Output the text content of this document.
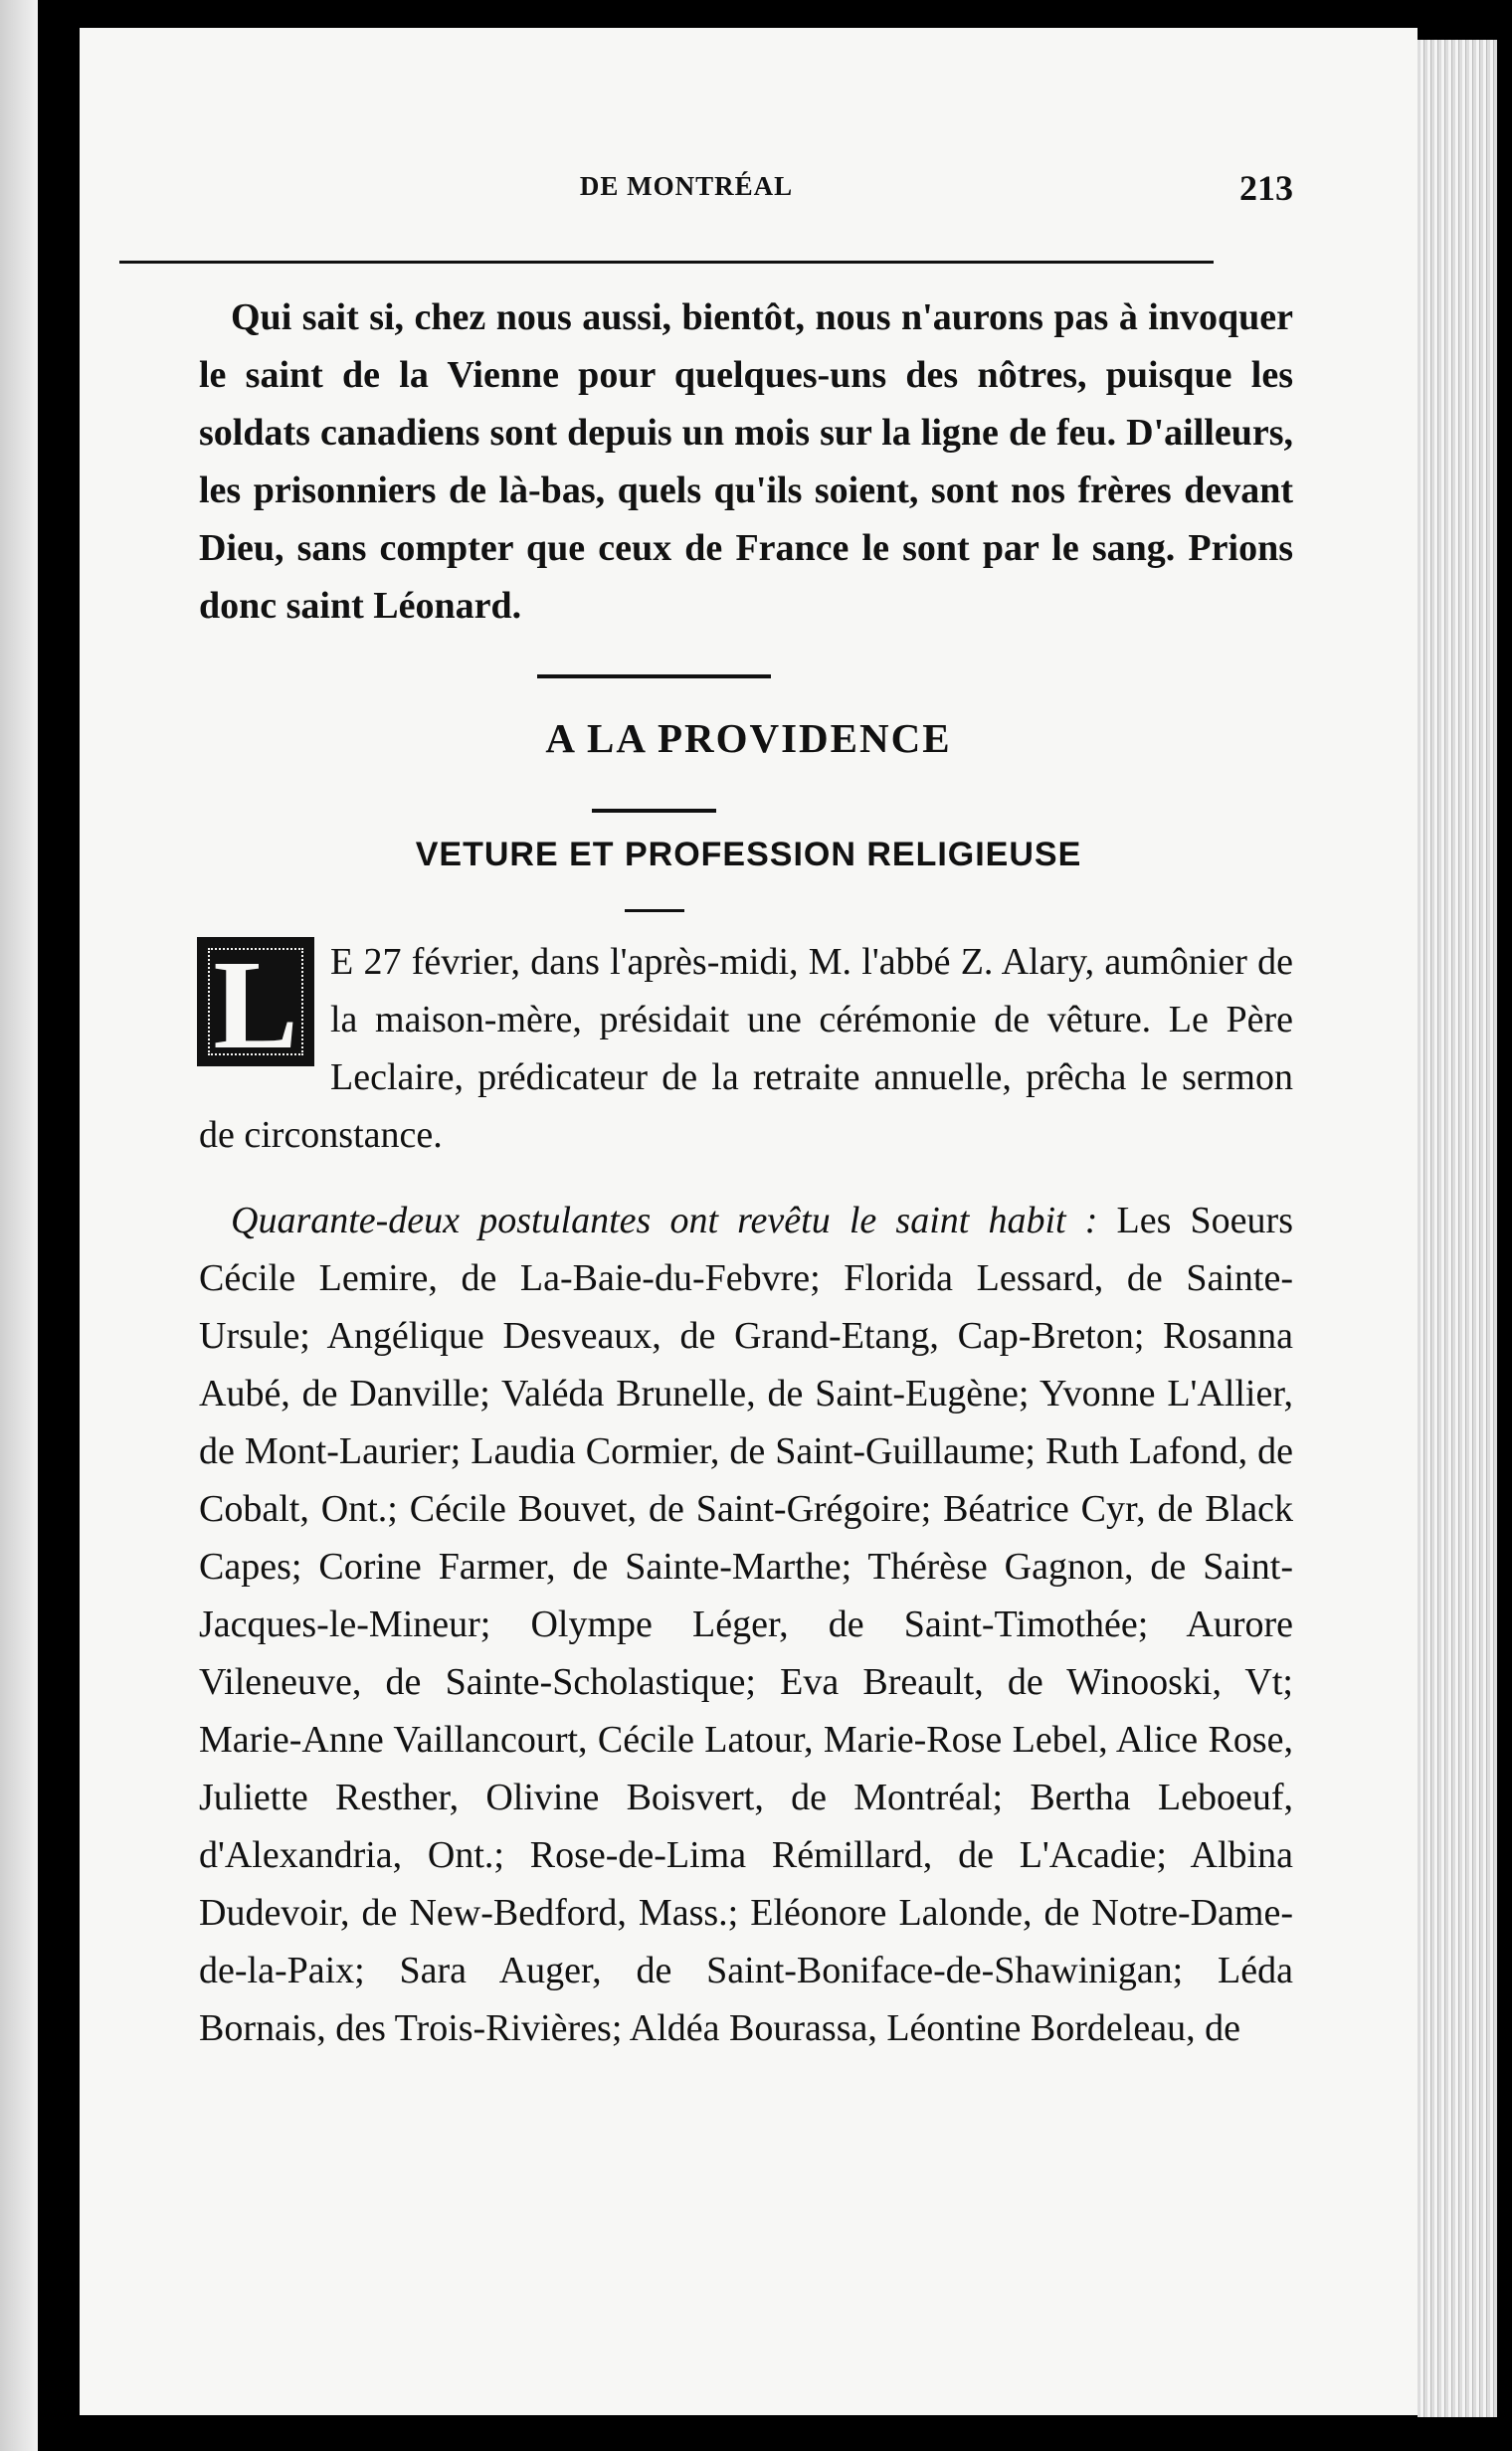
DE MONTRÉAL	213

Qui sait si, chez nous aussi, bientôt, nous n'aurons pas à invoquer le saint de la Vienne pour quelques-uns des nôtres, puisque les soldats canadiens sont depuis un mois sur la ligne de feu. D'ailleurs, les prisonniers de là-bas, quels qu'ils soient, sont nos frères devant Dieu, sans compter que ceux de France le sont par le sang. Prions donc saint Léonard.

A LA PROVIDENCE
VETURE ET PROFESSION RELIGIEUSE
L E 27 février, dans l'après-midi, M. l'abbé Z. Alary, aumônier de la maison-mère, présidait une cérémonie de vêture. Le Père Leclaire, prédicateur de la retraite annuelle, prêcha le sermon de circonstance.

Quarante-deux postulantes ont revêtu le saint habit : Les Soeurs Cécile Lemire, de La-Baie-du-Febvre; Florida Lessard, de Sainte-Ursule; Angélique Desveaux, de Grand-Etang, Cap-Breton; Rosanna Aubé, de Danville; Valéda Brunelle, de Saint-Eugène; Yvonne L'Allier, de Mont-Laurier; Laudia Cormier, de Saint-Guillaume; Ruth Lafond, de Cobalt, Ont.; Cécile Bouvet, de Saint-Grégoire; Béatrice Cyr, de Black Capes; Corine Farmer, de Sainte-Marthe; Thérèse Gagnon, de Saint-Jacques-le-Mineur; Olympe Léger, de Saint-Timothée; Aurore Vileneuve, de Sainte-Scholastique; Eva Breault, de Winooski, Vt; Marie-Anne Vaillancourt, Cécile Latour, Marie-Rose Lebel, Alice Rose, Juliette Resther, Olivine Boisvert, de Montréal; Bertha Leboeuf, d'Alexandria, Ont.; Rose-de-Lima Rémillard, de L'Acadie; Albina Dudevoir, de New-Bedford, Mass.; Eléonore Lalonde, de Notre-Dame-de-la-Paix; Sara Auger, de Saint-Boniface-de-Shawinigan; Léda Bornais, des Trois-Rivières; Aldéa Bourassa, Léontine Bordeleau, de
